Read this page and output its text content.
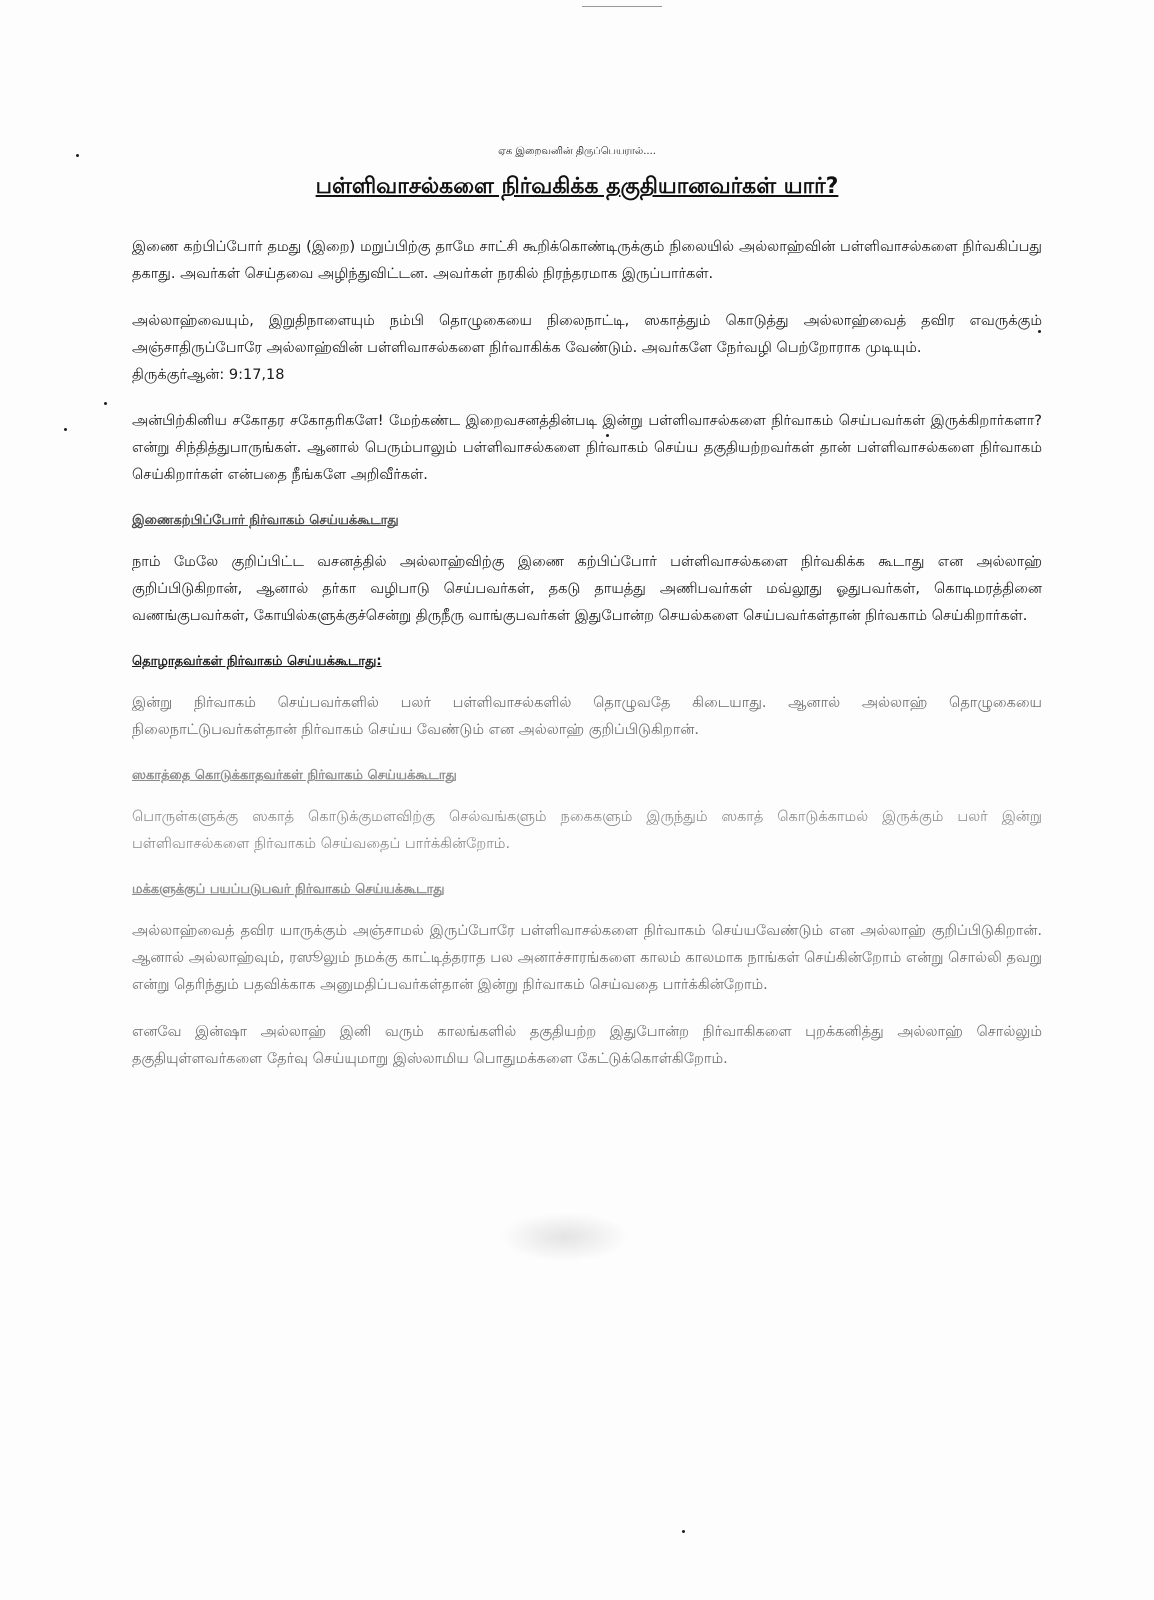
ஏக இறைவனின் திருப்பெயரால்....
பள்ளிவாசல்களை நிர்வகிக்க தகுதியானவர்கள் யார்?

இணை கற்பிப்போர் தமது (இறை) மறுப்பிற்கு தாமே சாட்சி கூறிக்கொண்டிருக்கும் நிலையில் அல்லாஹ்வின் பள்ளிவாசல்களை நிர்வகிப்பது தகாது. அவர்கள் செய்தவை அழிந்துவிட்டன. அவர்கள் நரகில் நிரந்தரமாக இருப்பார்கள்.

அல்லாஹ்வையும், இறுதிநாளையும் நம்பி தொழுகையை நிலைநாட்டி, ஸகாத்தும் கொடுத்து அல்லாஹ்வைத் தவிர எவருக்கும் அஞ்சாதிருப்போரே அல்லாஹ்வின் பள்ளிவாசல்களை நிர்வாகிக்க வேண்டும். அவர்களே நேர்வழி பெற்றோராக முடியும்.

திருக்குர்ஆன்: 9:17,18

அன்பிற்கினிய சகோதர சகோதரிகளே! மேற்கண்ட இறைவசனத்தின்படி இன்று பள்ளிவாசல்களை நிர்வாகம் செய்பவர்கள் இருக்கிறார்களா? என்று சிந்தித்துபாருங்கள். ஆனால் பெரும்பாலும் பள்ளிவாசல்களை நிர்வாகம் செய்ய தகுதியற்றவர்கள் தான் பள்ளிவாசல்களை நிர்வாகம் செய்கிறார்கள் என்பதை நீங்களே அறிவீர்கள்.

இணைகற்பிப்போர் நிர்வாகம் செய்யக்கூடாது

நாம் மேலே குறிப்பிட்ட வசனத்தில் அல்லாஹ்விற்கு இணை கற்பிப்போர் பள்ளிவாசல்களை நிர்வகிக்க கூடாது என அல்லாஹ் குறிப்பிடுகிறான், ஆனால் தர்கா வழிபாடு செய்பவர்கள், தகடு தாயத்து அணிபவர்கள் மவ்லூது ஓதுபவர்கள், கொடிமரத்தினை வணங்குபவர்கள், கோயில்களுக்குச்சென்று திருநீரு வாங்குபவர்கள் இதுபோன்ற செயல்களை செய்பவர்கள்தான் நிர்வகாம் செய்கிறார்கள்.

தொழாதவர்கள் நிர்வாகம் செய்யக்கூடாது:

இன்று நிர்வாகம் செய்பவர்களில் பலர் பள்ளிவாசல்களில் தொழுவதே கிடையாது. ஆனால் அல்லாஹ் தொழுகையை நிலைநாட்டுபவர்கள்தான் நிர்வாகம் செய்ய வேண்டும் என அல்லாஹ் குறிப்பிடுகிறான்.

ஸகாத்தை கொடுக்காதவர்கள் நிர்வாகம் செய்யக்கூடாது

பொருள்களுக்கு ஸகாத் கொடுக்குமளவிற்கு செல்வங்களும் நகைகளும் இருந்தும் ஸகாத் கொடுக்காமல் இருக்கும் பலர் இன்று பள்ளிவாசல்களை நிர்வாகம் செய்வதைப் பார்க்கின்றோம்.

மக்களுக்குப் பயப்படுபவர் நிர்வாகம் செய்யக்கூடாது

அல்லாஹ்வைத் தவிர யாருக்கும் அஞ்சாமல் இருப்போரே பள்ளிவாசல்களை நிர்வாகம் செய்யவேண்டும் என அல்லாஹ் குறிப்பிடுகிறான். ஆனால் அல்லாஹ்வும், ரஸூலும் நமக்கு காட்டித்தராத பல அனாச்சாரங்களை காலம் காலமாக நாங்கள் செய்கின்றோம் என்று சொல்லி தவறு என்று தெரிந்தும் பதவிக்காக அனுமதிப்பவர்கள்தான் இன்று நிர்வாகம் செய்வதை பார்க்கின்றோம்.

எனவே இன்ஷா அல்லாஹ் இனி வரும் காலங்களில் தகுதியற்ற இதுபோன்ற நிர்வாகிகளை புறக்கனித்து அல்லாஹ் சொல்லும் தகுதியுள்ளவர்களை தேர்வு செய்யுமாறு இஸ்லாமிய பொதுமக்களை கேட்டுக்கொள்கிறோம்.
